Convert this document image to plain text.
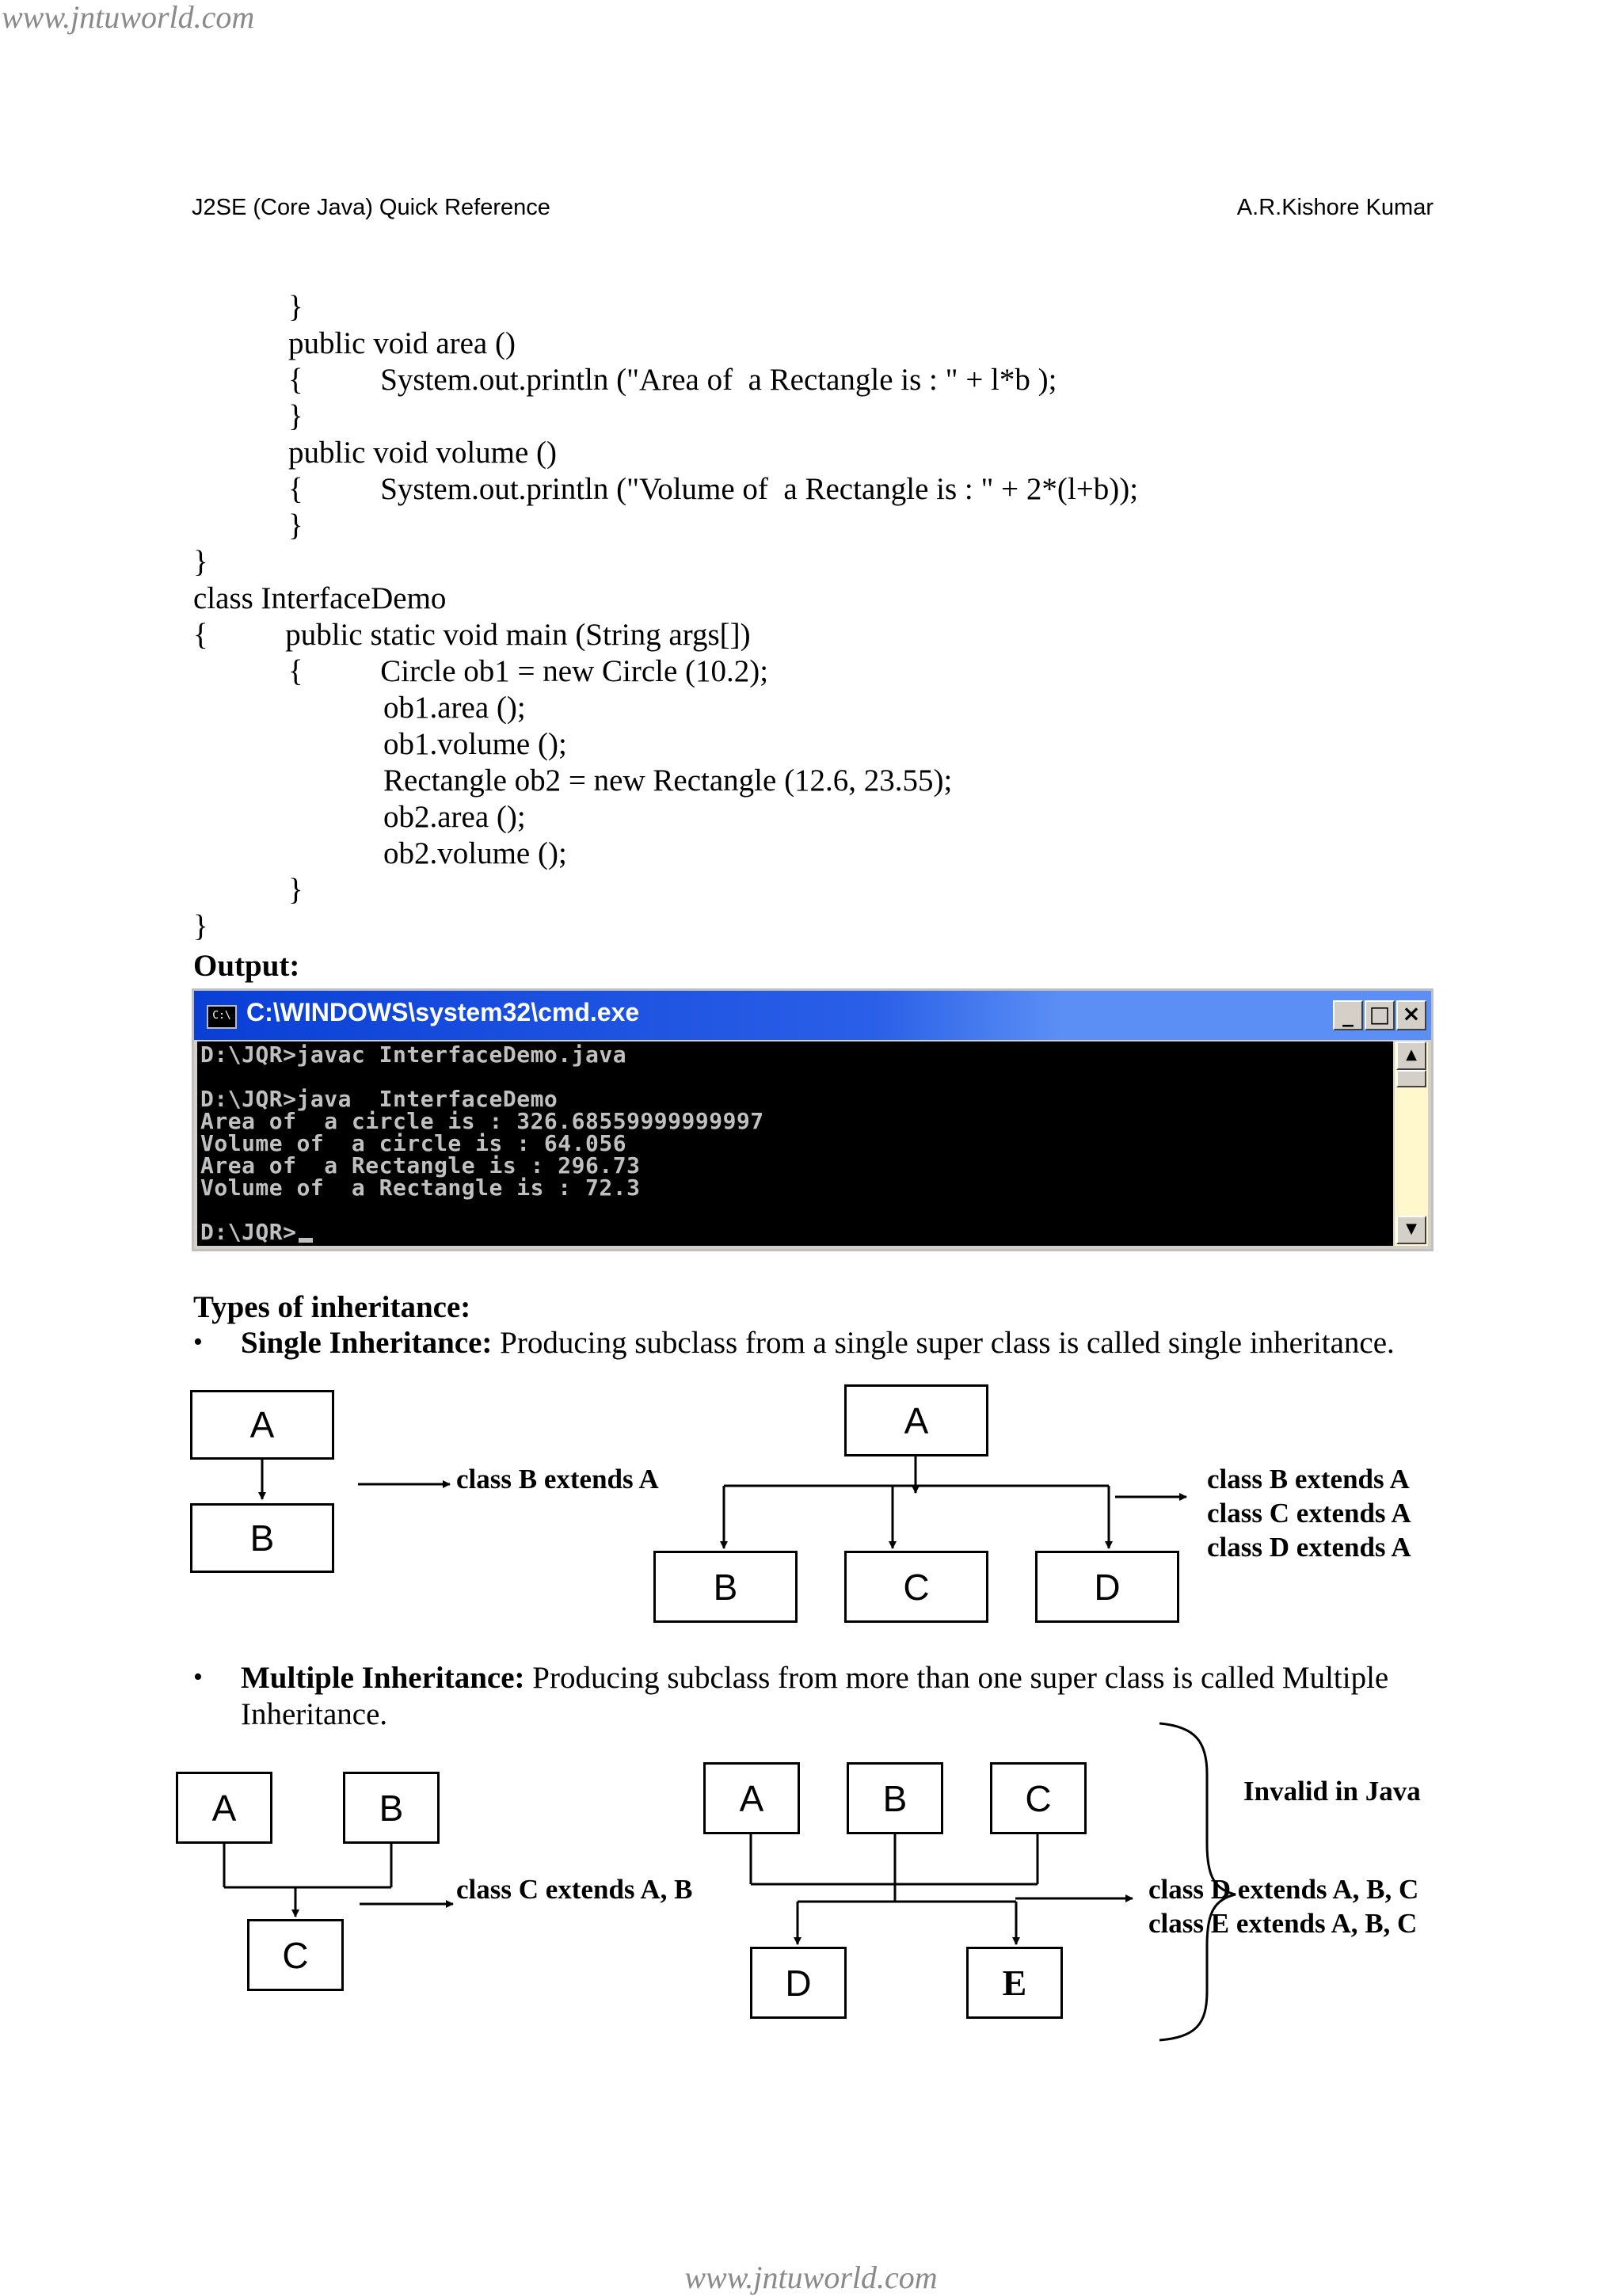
www.jntuworld.com
J2SE (Core Java) Quick Reference	A.R.Kishore Kumar

}

public void area ()

{          System.out.println ("Area of  a Rectangle is : " + l*b );

}

public void volume ()

{          System.out.println ("Volume of  a Rectangle is : " + 2*(l+b));

}

}

class InterfaceDemo

{          public static void main (String args[])

{          Circle ob1 = new Circle (10.2);

ob1.area ();

ob1.volume ();

Rectangle ob2 = new Rectangle (12.6, 23.55);

ob2.area ();

ob2.volume ();

}

}

Output:
C:\ C:\WINDOWS\system32\cmd.exe	_ □ ×
D:\JQR>javac InterfaceDemo.java
D:\JQR>java  InterfaceDemo
Area of  a circle is : 326.68559999999997
Volume of  a circle is : 64.056
Area of  a Rectangle is : 296.73
Volume of  a Rectangle is : 72.3
D:\JQR>
▲
▼
Types of inheritance:
• Single Inheritance: Producing subclass from a single super class is called single inheritance.
A
B
class B extends A
A
B	C	D
class B extends A
class C extends A
class D extends A
• Multiple Inheritance: Producing subclass from more than one super class is called Multiple
Inheritance.
A	B
C
class C extends A, B
A	B	C
D	E
class D extends A, B, C
class E extends A, B, C
Invalid in Java
www.jntuworld.com
